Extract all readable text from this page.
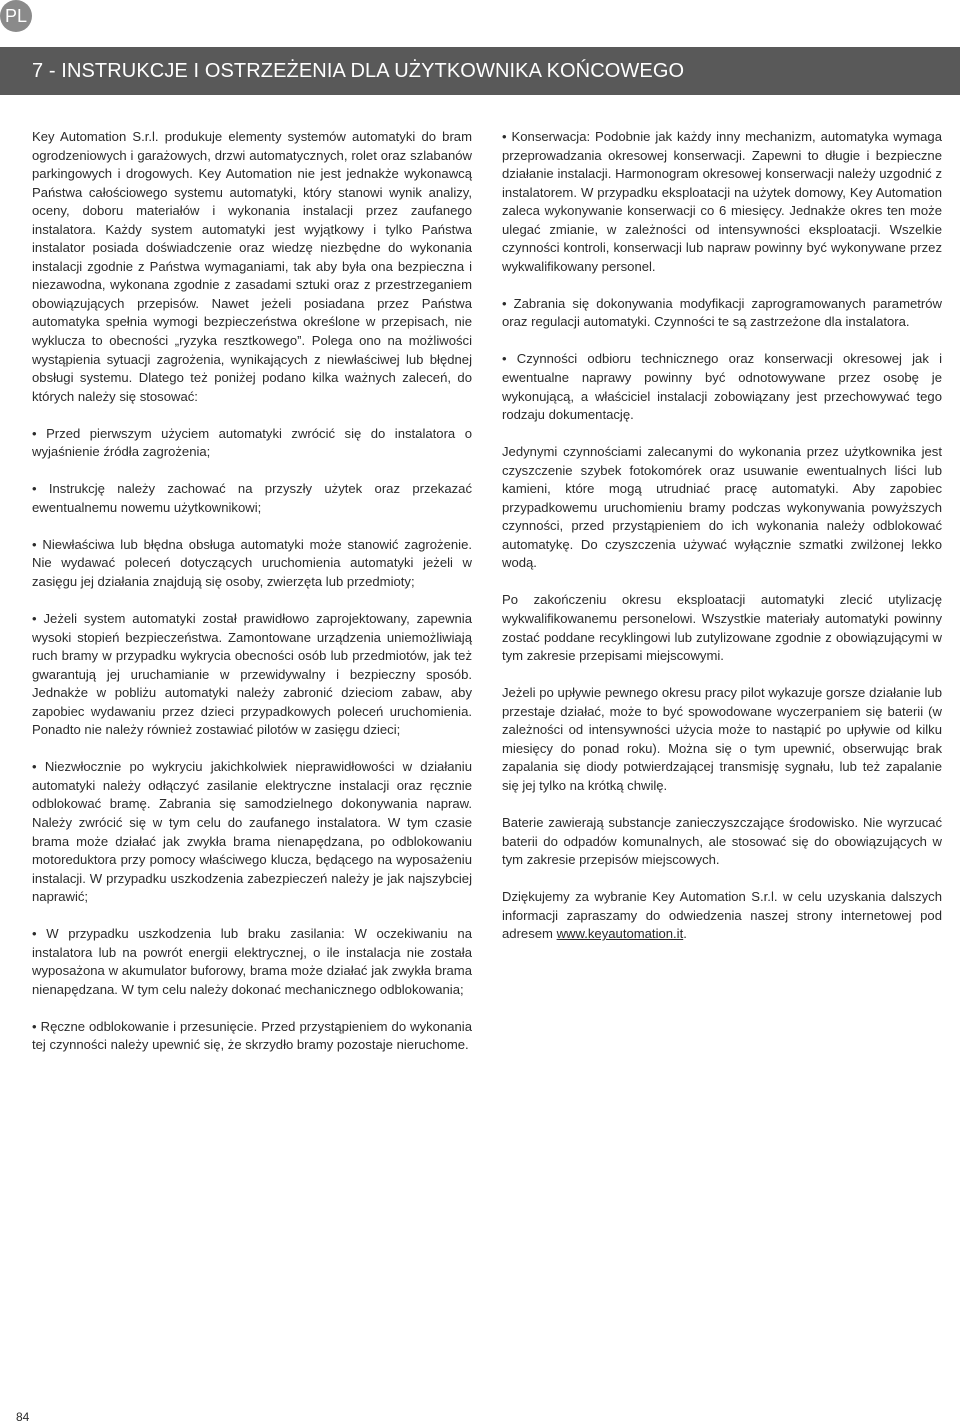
PL
7 - INSTRUKCJE I OSTRZEŻENIA DLA UŻYTKOWNIKA KOŃCOWEGO

Key Automation S.r.l. produkuje elementy systemów automatyki do bram ogrodzeniowych i garażowych, drzwi automatycznych, rolet oraz szlabanów parkingowych i drogowych. Key Automation nie jest jednakże wykonawcą Państwa całościowego systemu automatyki, który stanowi wynik analizy, oceny, doboru materiałów i wykonania instalacji przez zaufanego instalatora. Każdy system automatyki jest wyjątkowy i tylko Państwa instalator posiada doświadczenie oraz wiedzę niezbędne do wykonania instalacji zgodnie z Państwa wymaganiami, tak aby była ona bezpieczna i niezawodna, wykonana zgodnie z zasadami sztuki oraz z przestrzeganiem obowiązujących przepisów. Nawet jeżeli posiadana przez Państwa automatyka spełnia wymogi bezpieczeństwa określone w przepisach, nie wyklucza to obecności „ryzyka resztkowego”. Polega ono na możliwości wystąpienia sytuacji zagrożenia, wynikających z niewłaściwej lub błędnej obsługi systemu. Dlatego też poniżej podano kilka ważnych zaleceń, do których należy się stosować:

• Przed pierwszym użyciem automatyki zwrócić się do instalatora o wyjaśnienie źródła zagrożenia;

• Instrukcję należy zachować na przyszły użytek oraz przekazać ewentualnemu nowemu użytkownikowi;

• Niewłaściwa lub błędna obsługa automatyki może stanowić zagrożenie. Nie wydawać poleceń dotyczących uruchomienia automatyki jeżeli w zasięgu jej działania znajdują się osoby, zwierzęta lub przedmioty;

• Jeżeli system automatyki został prawidłowo zaprojektowany, zapewnia wysoki stopień bezpieczeństwa. Zamontowane urządzenia uniemożliwiają ruch bramy w przypadku wykrycia obecności osób lub przedmiotów, jak też gwarantują jej uruchamianie w przewidywalny i bezpieczny sposób. Jednakże w pobliżu automatyki należy zabronić dzieciom zabaw, aby zapobiec wydawaniu przez dzieci przypadkowych poleceń uruchomienia. Ponadto nie należy również zostawiać pilotów w zasięgu dzieci;

• Niezwłocznie po wykryciu jakichkolwiek nieprawidłowości w działaniu automatyki należy odłączyć zasilanie elektryczne instalacji oraz ręcznie odblokować bramę. Zabrania się samodzielnego dokonywania napraw. Należy zwrócić się w tym celu do zaufanego instalatora. W tym czasie brama może działać jak zwykła brama nienapędzana, po odblokowaniu motoreduktora przy pomocy właściwego klucza, będącego na wyposażeniu instalacji. W przypadku uszkodzenia zabezpieczeń należy je jak najszybciej naprawić;

• W przypadku uszkodzenia lub braku zasilania: W oczekiwaniu na instalatora lub na powrót energii elektrycznej, o ile instalacja nie została wyposażona w akumulator buforowy, brama może działać jak zwykła brama nienapędzana. W tym celu należy dokonać mechanicznego odblokowania;

• Ręczne odblokowanie i przesunięcie. Przed przystąpieniem do wykonania tej czynności należy upewnić się, że skrzydło bramy pozostaje nieruchome.

• Konserwacja: Podobnie jak każdy inny mechanizm, automatyka wymaga przeprowadzania okresowej konserwacji. Zapewni to długie i bezpieczne działanie instalacji. Harmonogram okresowej konserwacji należy uzgodnić z instalatorem. W przypadku eksploatacji na użytek domowy, Key Automation zaleca wykonywanie konserwacji co 6 miesięcy. Jednakże okres ten może ulegać zmianie, w zależności od intensywności eksploatacji. Wszelkie czynności kontroli, konserwacji lub napraw powinny być wykonywane przez wykwalifikowany personel.

• Zabrania się dokonywania modyfikacji zaprogramowanych parametrów oraz regulacji automatyki. Czynności te są zastrzeżone dla instalatora.

• Czynności odbioru technicznego oraz konserwacji okresowej jak i ewentualne naprawy powinny być odnotowywane przez osobę je wykonującą, a właściciel instalacji zobowiązany jest przechowywać tego rodzaju dokumentację.

Jedynymi czynnościami zalecanymi do wykonania przez użytkownika jest czyszczenie szybek fotokomórek oraz usuwanie ewentualnych liści lub kamieni, które mogą utrudniać pracę automatyki. Aby zapobiec przypadkowemu uruchomieniu bramy podczas wykonywania powyższych czynności, przed przystąpieniem do ich wykonania należy odblokować automatykę. Do czyszczenia używać wyłącznie szmatki zwilżonej lekko wodą.

Po zakończeniu okresu eksploatacji automatyki zlecić utylizację wykwalifikowanemu personelowi. Wszystkie materiały automatyki powinny zostać poddane recyklingowi lub zutylizowane zgodnie z obowiązującymi w tym zakresie przepisami miejscowymi.

Jeżeli po upływie pewnego okresu pracy pilot wykazuje gorsze działanie lub przestaje działać, może to być spowodowane wyczerpaniem się baterii (w zależności od intensywności użycia może to nastąpić po upływie od kilku miesięcy do ponad roku). Można się o tym upewnić, obserwując brak zapalania się diody potwierdzającej transmisję sygnału, lub też zapalanie się jej tylko na krótką chwilę.

Baterie zawierają substancje zanieczyszczające środowisko. Nie wyrzucać baterii do odpadów komunalnych, ale stosować się do obowiązujących w tym zakresie przepisów miejscowych.

Dziękujemy za wybranie Key Automation S.r.l. w celu uzyskania dalszych informacji zapraszamy do odwiedzenia naszej strony internetowej pod adresem www.keyautomation.it.

84
